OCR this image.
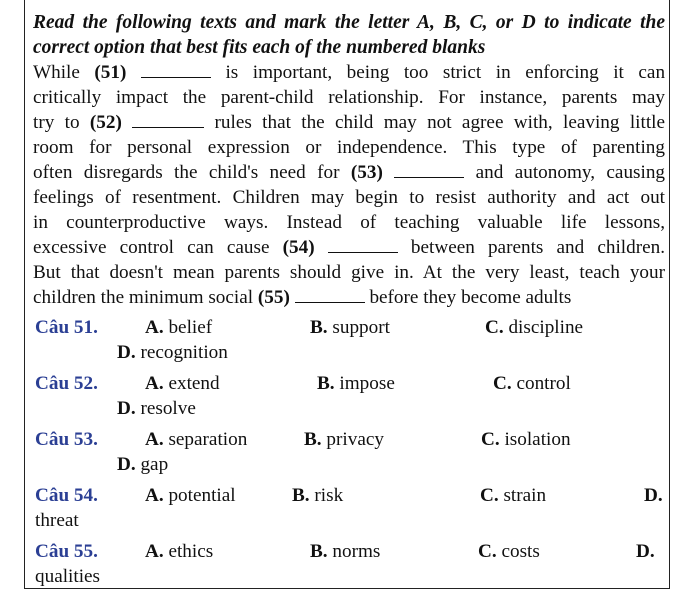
Read the following texts and mark the letter A, B, C, or D to indicate the
correct option that best fits each of the numbered blanks
While (51)	is important, being too strict in enforcing it can
critically impact the parent-child relationship. For instance, parents may
try to (52)	rules that the child may not agree with, leaving little
room for personal expression or independence. This type of parenting
often disregards the child's need for (53)	and autonomy, causing
feelings of resentment. Children may begin to resist authority and act out
in counterproductive ways. Instead of teaching valuable life lessons,
excessive control can cause (54)	between parents and children.
But that doesn't mean parents should give in. At the very least, teach your
children the minimum social (55)	before they become adults
Câu 51. A. belief	B. support	C. discipline
D. recognition
Câu 52. A. extend	B. impose	C. control
D. resolve
Câu 53. A. separation	B. privacy	C. isolation
D. gap
Câu 54. A. potential	B. risk	C. strain	D.
threat
Câu 55. A. ethics	B. norms	C. costs	D.
qualities
